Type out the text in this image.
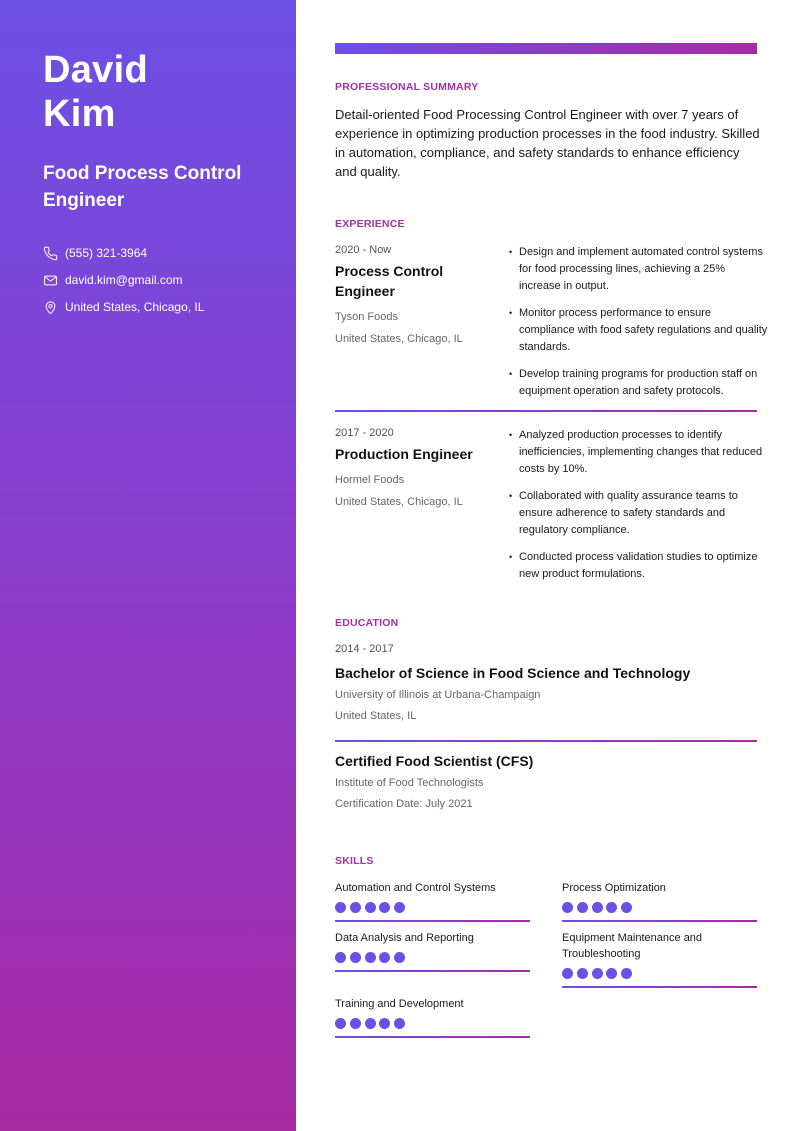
David
Kim
Food Process Control Engineer
(555) 321-3964
david.kim@gmail.com
United States, Chicago, IL
PROFESSIONAL SUMMARY

Detail-oriented Food Processing Control Engineer with over 7 years of experience in optimizing production processes in the food industry. Skilled in automation, compliance, and safety standards to enhance efficiency and quality.

EXPERIENCE
2020 - Now
Process Control Engineer
Tyson Foods
United States, Chicago, IL
• Design and implement automated control systems for food processing lines, achieving a 25% increase in output.
• Monitor process performance to ensure compliance with food safety regulations and quality standards.
• Develop training programs for production staff on equipment operation and safety protocols.
2017 - 2020
Production Engineer
Hormel Foods
United States, Chicago, IL
• Analyzed production processes to identify inefficiencies, implementing changes that reduced costs by 10%.
• Collaborated with quality assurance teams to ensure adherence to safety standards and regulatory compliance.
• Conducted process validation studies to optimize new product formulations.
EDUCATION
2014 - 2017
Bachelor of Science in Food Science and Technology
University of Illinois at Urbana-Champaign
United States, IL
Certified Food Scientist (CFS)
Institute of Food Technologists
Certification Date: July 2021
SKILLS
Automation and Control Systems	Process Optimization
Data Analysis and Reporting	Equipment Maintenance and Troubleshooting
Training and Development
